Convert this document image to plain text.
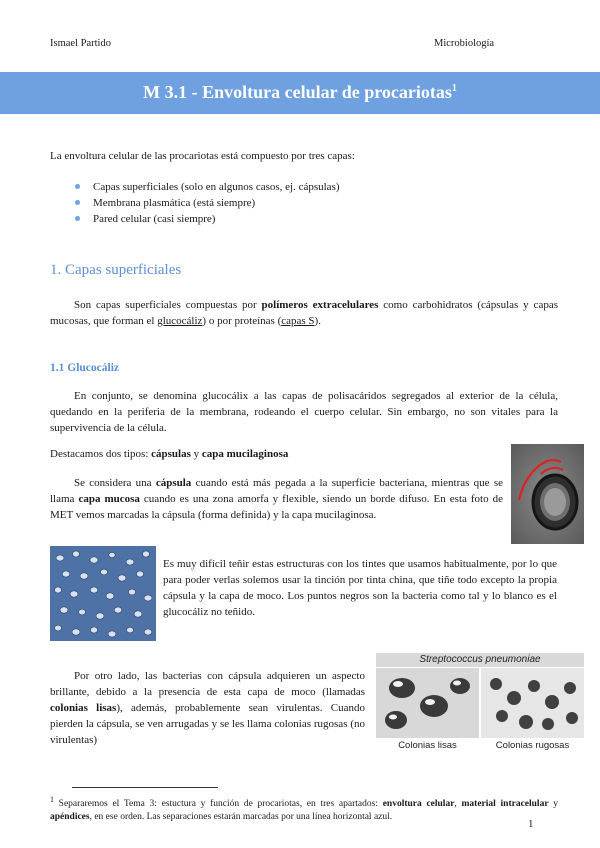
Ismael Partido	Microbiología
M 3.1 - Envoltura celular de procariotas$^1$

La envoltura celular de las procariotas está compuesto por tres capas:

Capas superficiales (solo en algunos casos, ej. cápsulas)
Membrana plasmática (está siempre)
Pared celular (casi siempre)
1. Capas superficiales

Son capas superficiales compuestas por polímeros extracelulares como carbohidratos (cápsulas y capas mucosas, que forman el glucocáliz) o por proteínas (capas S).

1.1 Glucocáliz

En conjunto, se denomina glucocálix a las capas de polisacáridos segregados al exterior de la célula, quedando en la periferia de la membrana, rodeando el cuerpo celular. Sin embargo, no son vitales para la supervivencia de la célula.

Destacamos dos tipos: cápsulas y capa mucilaginosa

Se considera una cápsula cuando está más pegada a la superficie bacteriana, mientras que se llama capa mucosa cuando es una zona amorfa y flexible, siendo un borde difuso. En esta foto de MET vemos marcadas la cápsula (forma definida) y la capa mucilaginosa.

Es muy difícil teñir estas estructuras con los tintes que usamos habitualmente, por lo que para poder verlas solemos usar la tinción por tinta china, que tiñe todo excepto la propia cápsula y la capa de moco. Los puntos negros son la bacteria como tal y lo blanco es el glucocáliz no teñido.

Por otro lado, las bacterias con cápsula adquieren un aspecto brillante, debido a la presencia de esta capa de moco (llamadas colonias lisas), además, probablemente sean virulentas. Cuando pierden la cápsula, se ven arrugadas y se les llama colonias rugosas (no virulentas)

Streptococcus pneumoniae
Colonias lisas	Colonias rugosas

$^1$ Separaremos el Tema 3: estuctura y función de procariotas, en tres apartados: envoltura celular, material intracelular y apéndices, en ese orden. Las separaciones estarán marcadas por una línea horizontal azul.

1
